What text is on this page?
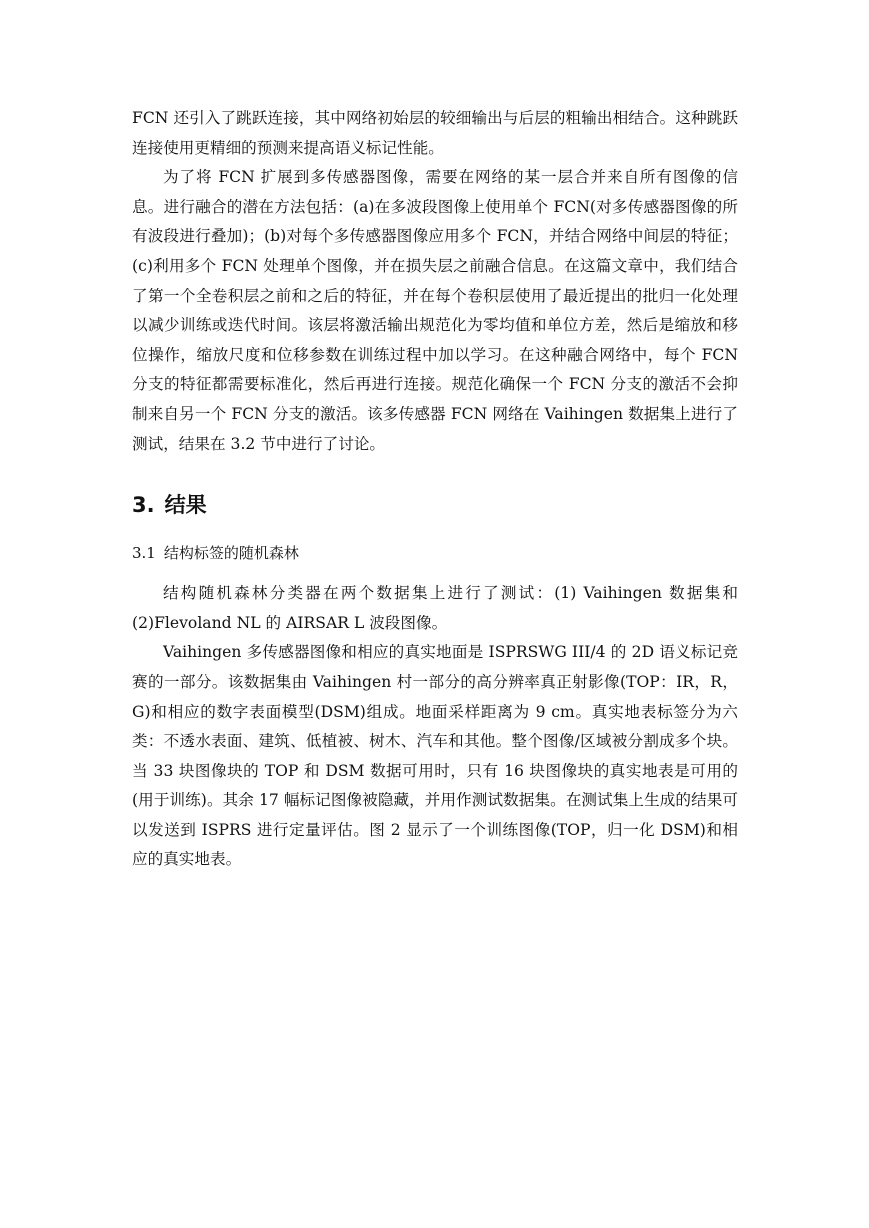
FCN 还引入了跳跃连接，其中网络初始层的较细输出与后层的粗输出相结合。这种跳跃连接使用更精细的预测来提高语义标记性能。

为了将 FCN 扩展到多传感器图像，需要在网络的某一层合并来自所有图像的信息。进行融合的潜在方法包括：(a)在多波段图像上使用单个 FCN(对多传感器图像的所有波段进行叠加)；(b)对每个多传感器图像应用多个 FCN，并结合网络中间层的特征；(c)利用多个 FCN 处理单个图像，并在损失层之前融合信息。在这篇文章中，我们结合了第一个全卷积层之前和之后的特征，并在每个卷积层使用了最近提出的批归一化处理以减少训练或迭代时间。该层将激活输出规范化为零均值和单位方差，然后是缩放和移位操作，缩放尺度和位移参数在训练过程中加以学习。在这种融合网络中，每个 FCN 分支的特征都需要标准化，然后再进行连接。规范化确保一个 FCN 分支的激活不会抑制来自另一个 FCN 分支的激活。该多传感器 FCN 网络在 Vaihingen 数据集上进行了测试，结果在 3.2 节中进行了讨论。

3. 结果
3.1 结构标签的随机森林

结构随机森林分类器在两个数据集上进行了测试：(1) Vaihingen 数据集和(2)Flevoland NL 的 AIRSAR L 波段图像。

Vaihingen 多传感器图像和相应的真实地面是 ISPRSWG III/4 的 2D 语义标记竞赛的一部分。该数据集由 Vaihingen 村一部分的高分辨率真正射影像(TOP：IR，R，G)和相应的数字表面模型(DSM)组成。地面采样距离为 9 cm。真实地表标签分为六类：不透水表面、建筑、低植被、树木、汽车和其他。整个图像/区域被分割成多个块。当 33 块图像块的 TOP 和 DSM 数据可用时，只有 16 块图像块的真实地表是可用的(用于训练)。其余 17 幅标记图像被隐藏，并用作测试数据集。在测试集上生成的结果可以发送到 ISPRS 进行定量评估。图 2 显示了一个训练图像(TOP，归一化 DSM)和相应的真实地表。
